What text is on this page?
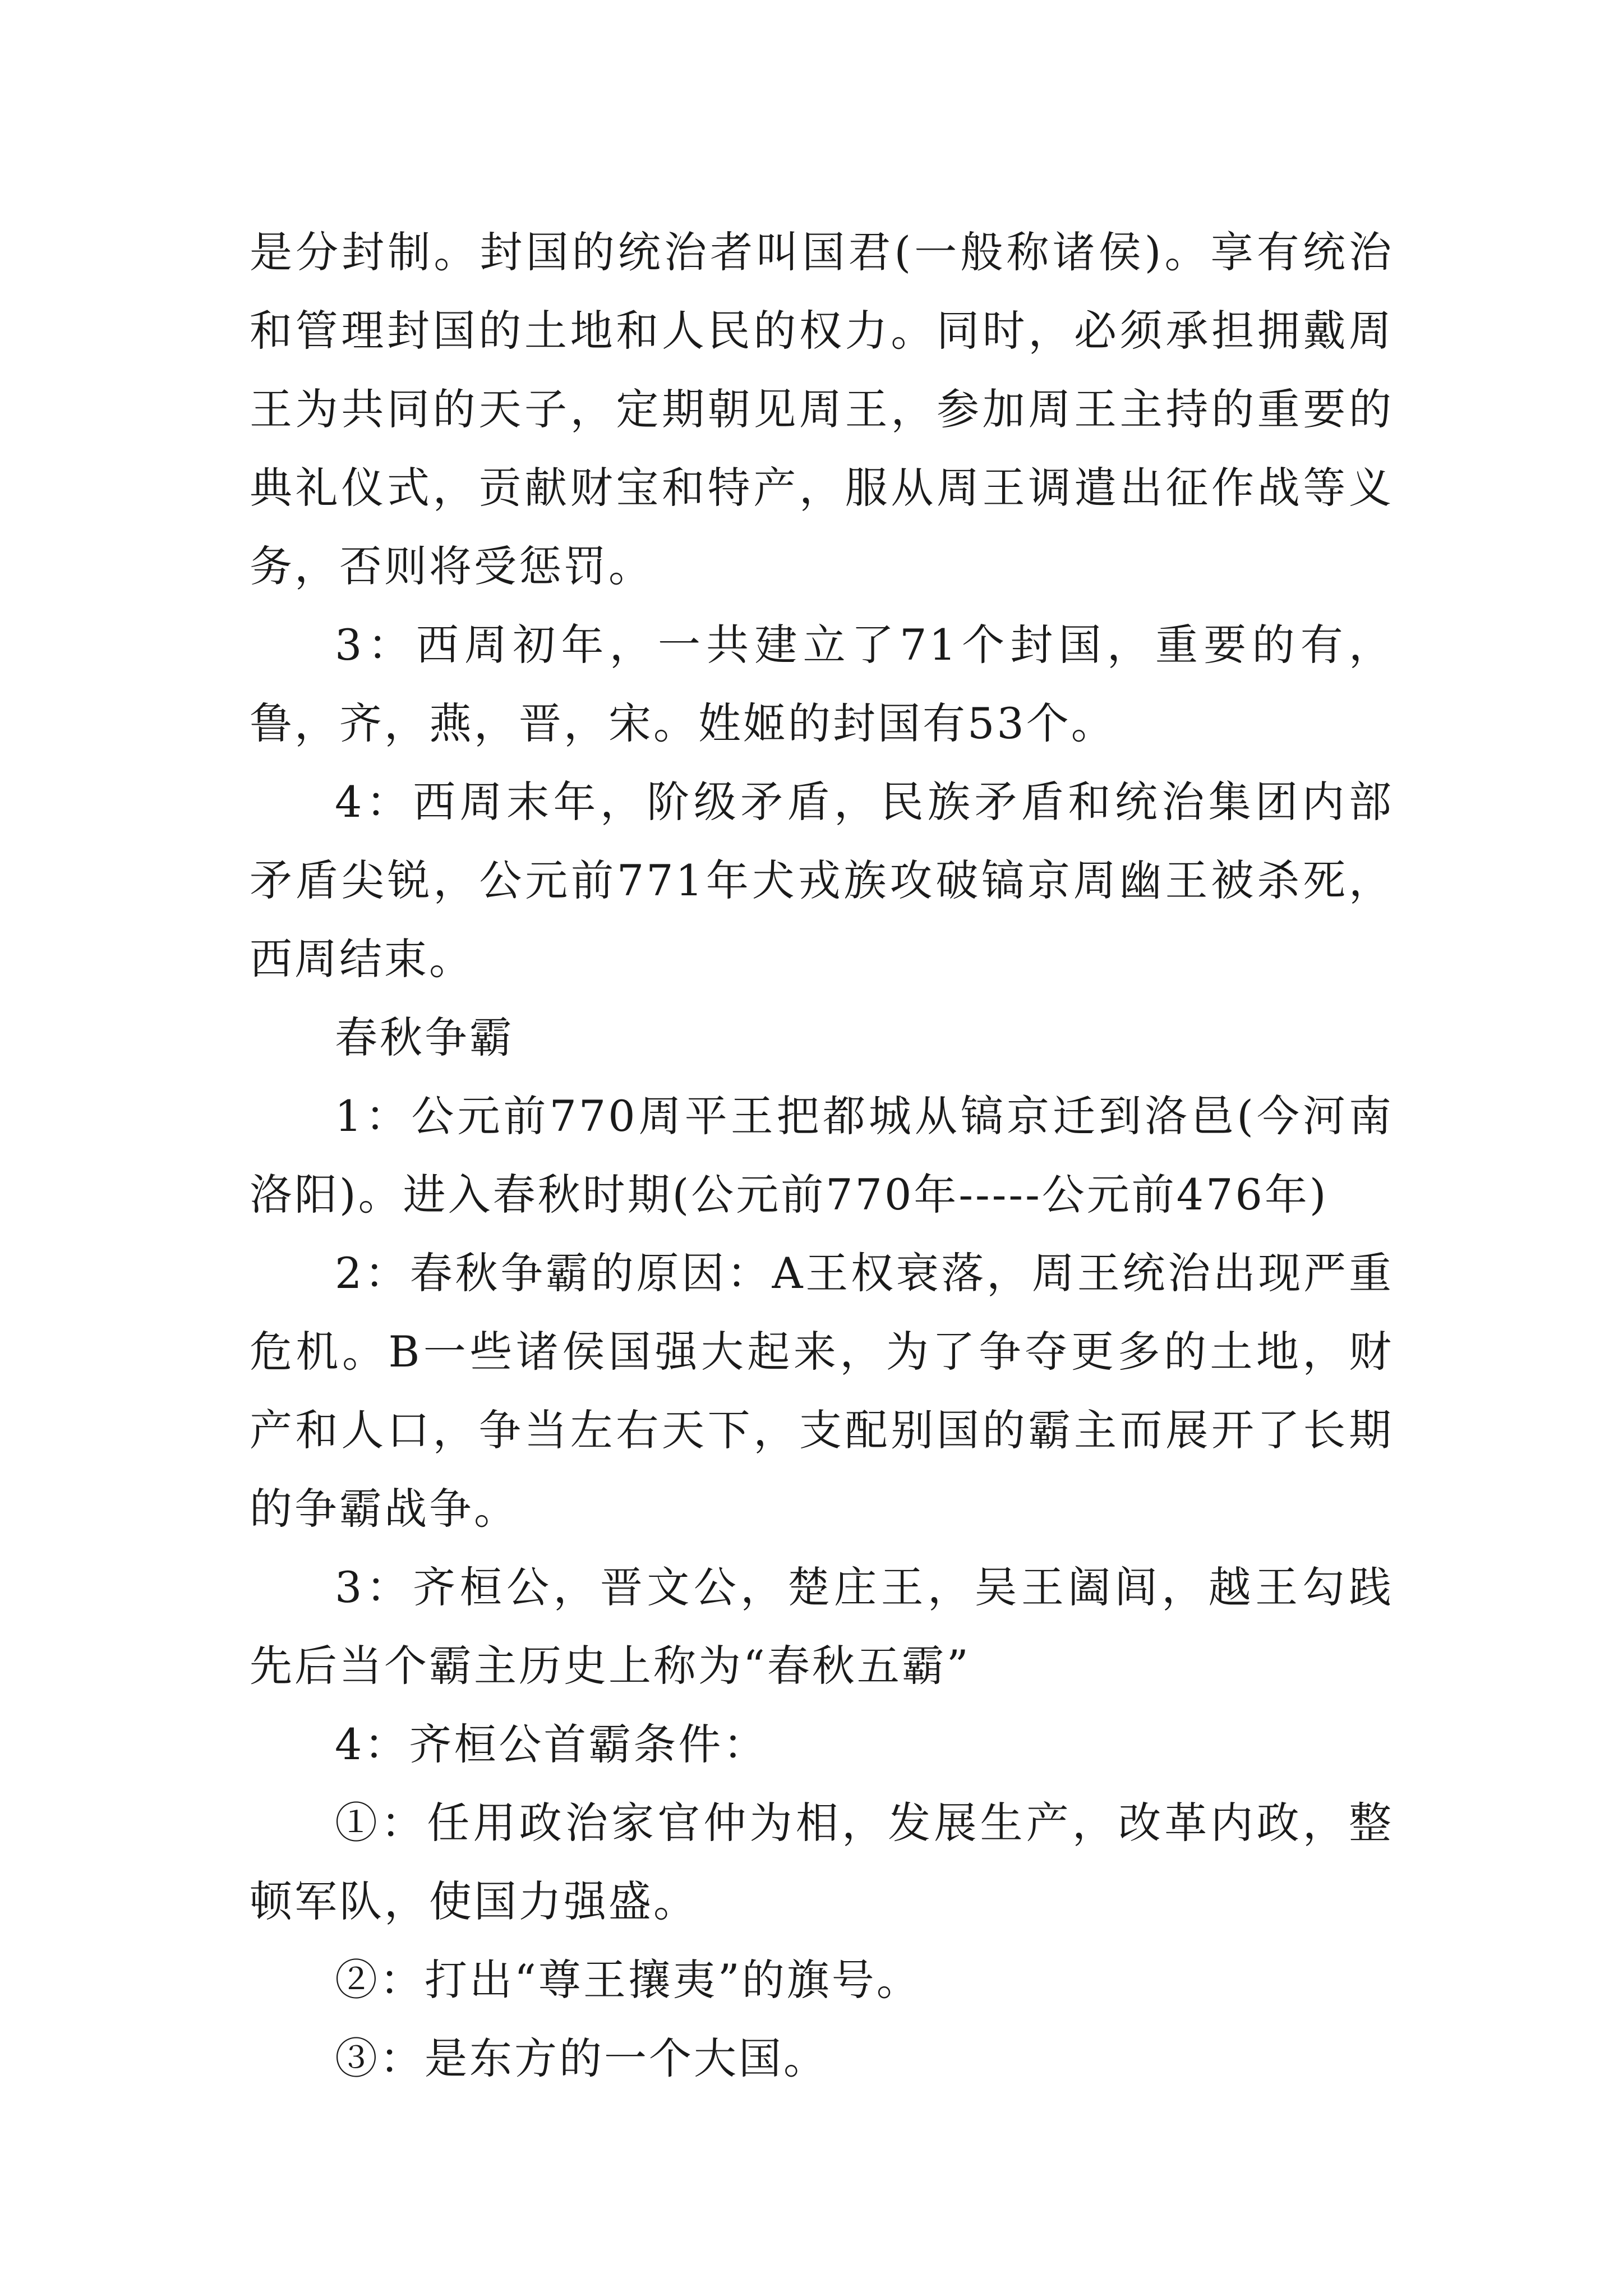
是分封制。封国的统治者叫国君(一般称诸侯)。享有统治和管理封国的土地和人民的权力。同时，必须承担拥戴周王为共同的天子，定期朝见周王，参加周王主持的重要的典礼仪式，贡献财宝和特产，服从周王调遣出征作战等义务，否则将受惩罚。

3：西周初年，一共建立了71个封国，重要的有，鲁，齐，燕，晋，宋。姓姬的封国有53个。

4：西周末年，阶级矛盾，民族矛盾和统治集团内部矛盾尖锐，公元前771年犬戎族攻破镐京周幽王被杀死，西周结束。

春秋争霸

1：公元前770周平王把都城从镐京迁到洛邑(今河南洛阳)。进入春秋时期(公元前770年-----公元前476年)

2：春秋争霸的原因：A王权衰落，周王统治出现严重危机。B一些诸侯国强大起来，为了争夺更多的土地，财产和人口，争当左右天下，支配别国的霸主而展开了长期的争霸战争。

3：齐桓公，晋文公，楚庄王，吴王阖闾，越王勾践先后当个霸主历史上称为“春秋五霸”

4：齐桓公首霸条件：

①：任用政治家官仲为相，发展生产，改革内政，整顿军队，使国力强盛。

②：打出“尊王攘夷”的旗号。

③：是东方的一个大国。
